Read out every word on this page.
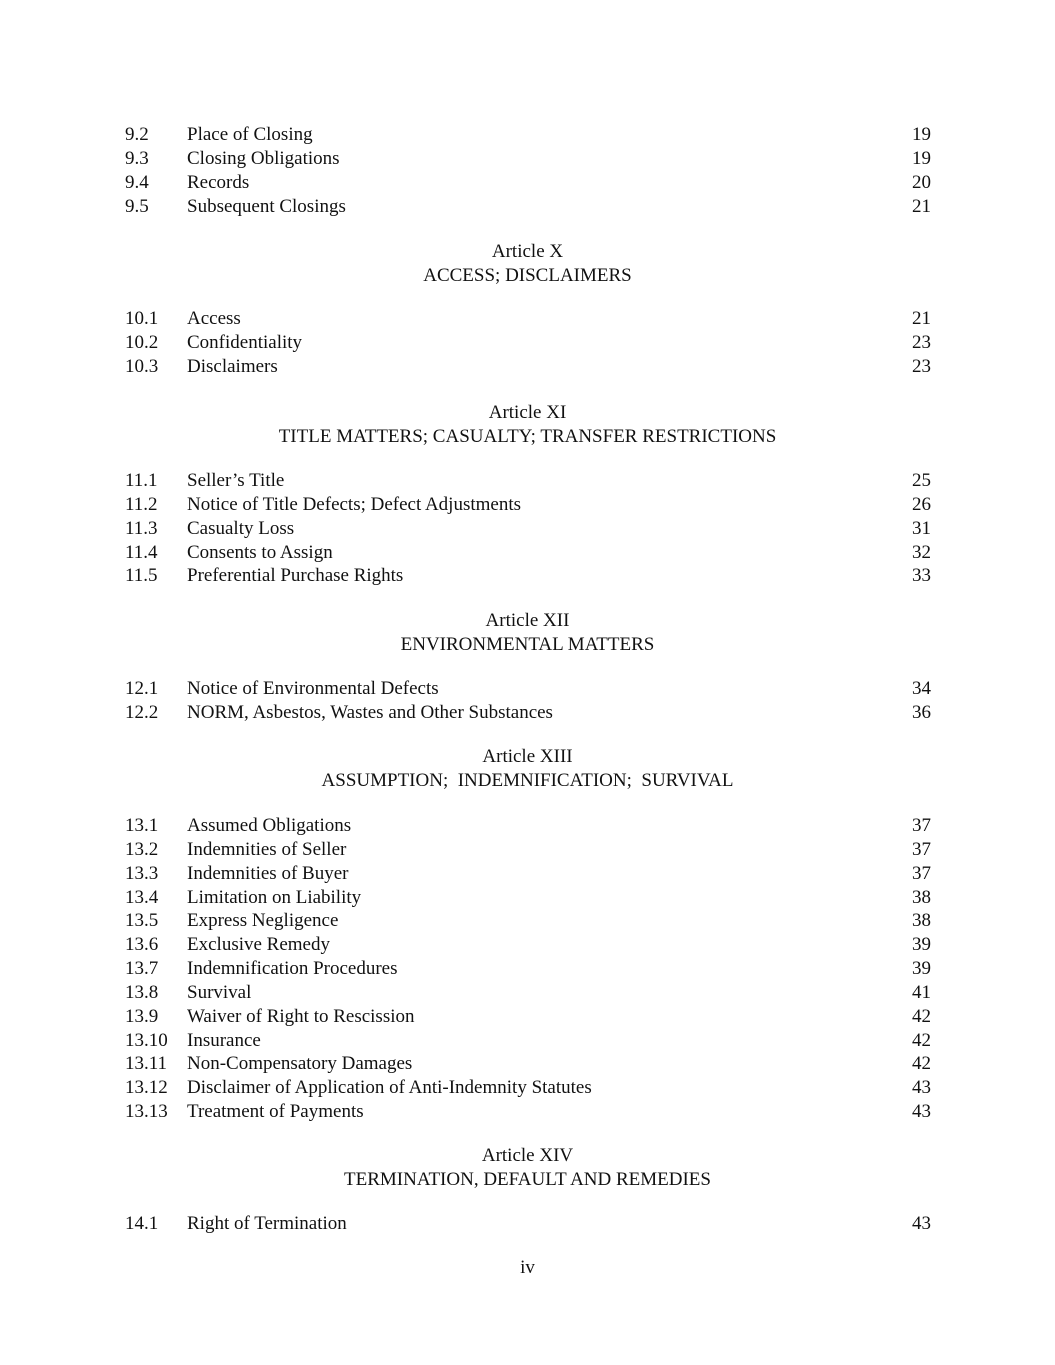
9.2 Place of Closing	19
9.3 Closing Obligations	19
9.4 Records	20
9.5 Subsequent Closings	21
Article X
ACCESS; DISCLAIMERS
10.1 Access	21
10.2 Confidentiality	23
10.3 Disclaimers	23
Article XI
TITLE MATTERS; CASUALTY; TRANSFER RESTRICTIONS
11.1 Seller’s Title	25
11.2 Notice of Title Defects; Defect Adjustments	26
11.3 Casualty Loss	31
11.4 Consents to Assign	32
11.5 Preferential Purchase Rights	33
Article XII
ENVIRONMENTAL MATTERS
12.1 Notice of Environmental Defects	34
12.2 NORM, Asbestos, Wastes and Other Substances	36
Article XIII
ASSUMPTION;  INDEMNIFICATION;  SURVIVAL
13.1 Assumed Obligations	37
13.2 Indemnities of Seller	37
13.3 Indemnities of Buyer	37
13.4 Limitation on Liability	38
13.5 Express Negligence	38
13.6 Exclusive Remedy	39
13.7 Indemnification Procedures	39
13.8 Survival	41
13.9 Waiver of Right to Rescission	42
13.10 Insurance	42
13.11 Non-Compensatory Damages	42
13.12 Disclaimer of Application of Anti-Indemnity Statutes	43
13.13 Treatment of Payments	43
Article XIV
TERMINATION, DEFAULT AND REMEDIES
14.1 Right of Termination	43
iv
